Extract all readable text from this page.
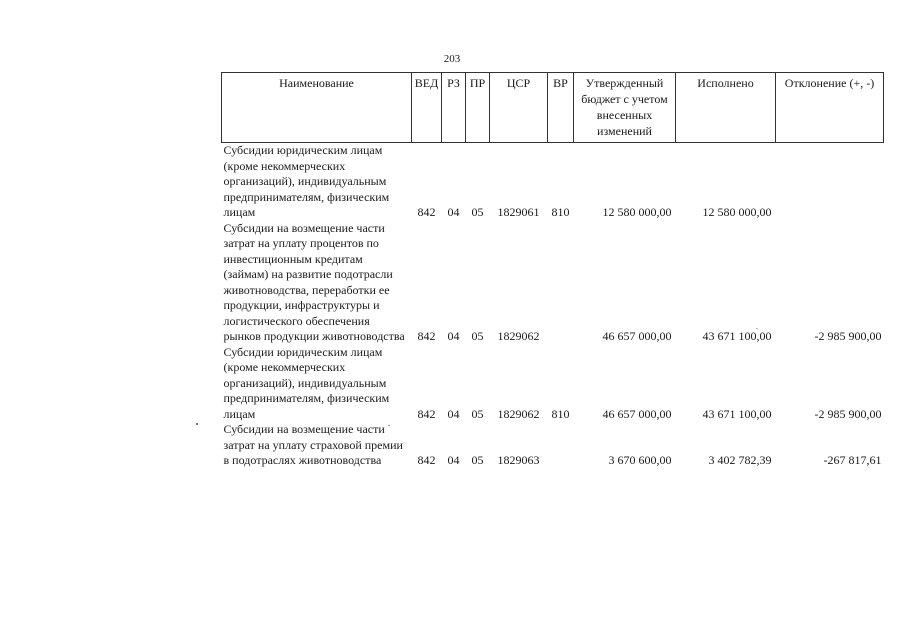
203
Наименование	ВЕД	РЗ	ПР	ЦСР	ВР	Утвержденный бюджет с учетом внесенных изменений	Исполнено	Отклонение (+, -)
Субсидии юридическим лицам (кроме некоммерческих организаций), индивидуальным предпринимателям, физическим лицам	842	04	05	1829061	810	12 580 000,00	12 580 000,00	
Субсидии на возмещение части затрат на уплату процентов по инвестиционным кредитам (займам) на развитие подотрасли животноводства, переработки ее продукции, инфраструктуры и логистического обеспечения рынков продукции животноводства	842	04	05	1829062		46 657 000,00	43 671 100,00	-2 985 900,00
Субсидии юридическим лицам (кроме некоммерческих организаций), индивидуальным предпринимателям, физическим лицам	842	04	05	1829062	810	46 657 000,00	43 671 100,00	-2 985 900,00
Субсидии на возмещение части затрат на уплату страховой премии в подотраслях животноводства	842	04	05	1829063		3 670 600,00	3 402 782,39	-267 817,61
